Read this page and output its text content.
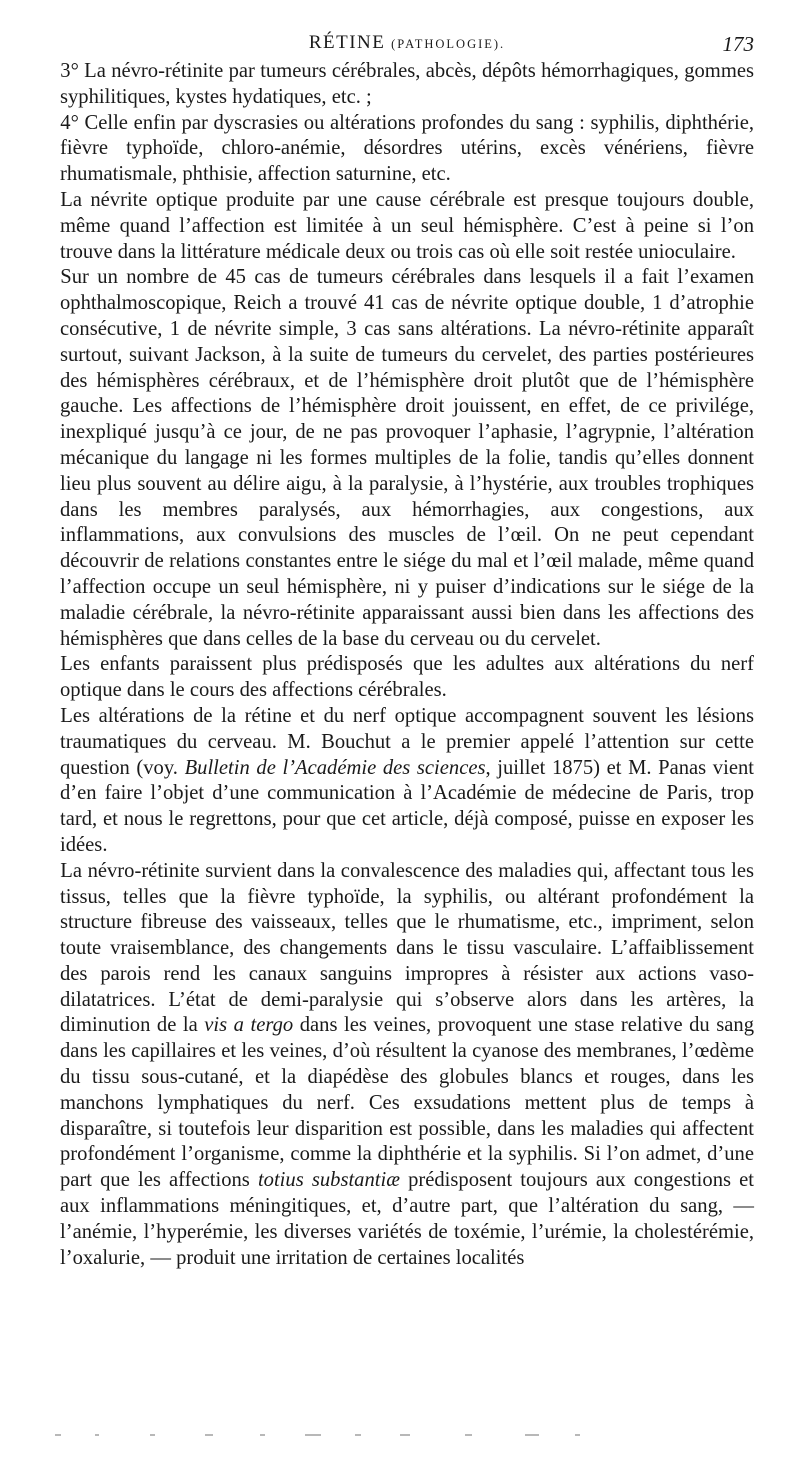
RÉTINE (PATHOLOGIE).	173

3° La névro-rétinite par tumeurs cérébrales, abcès, dépôts hémorrhagiques, gommes syphilitiques, kystes hydatiques, etc. ;

4° Celle enfin par dyscrasies ou altérations profondes du sang : syphilis, diphthérie, fièvre typhoïde, chloro-anémie, désordres utérins, excès vénériens, fièvre rhumatismale, phthisie, affection saturnine, etc.

La névrite optique produite par une cause cérébrale est presque toujours double, même quand l’affection est limitée à un seul hémisphère. C’est à peine si l’on trouve dans la littérature médicale deux ou trois cas où elle soit restée unioculaire.

Sur un nombre de 45 cas de tumeurs cérébrales dans lesquels il a fait l’examen ophthalmoscopique, Reich a trouvé 41 cas de névrite optique double, 1 d’atrophie consécutive, 1 de névrite simple, 3 cas sans altérations. La névro-rétinite apparaît surtout, suivant Jackson, à la suite de tumeurs du cervelet, des parties postérieures des hémisphères cérébraux, et de l’hémisphère droit plutôt que de l’hémisphère gauche. Les affections de l’hémisphère droit jouissent, en effet, de ce privilége, inexpliqué jusqu’à ce jour, de ne pas provoquer l’aphasie, l’agrypnie, l’altération mécanique du langage ni les formes multiples de la folie, tandis qu’elles donnent lieu plus souvent au délire aigu, à la paralysie, à l’hystérie, aux troubles trophiques dans les membres paralysés, aux hémorrhagies, aux congestions, aux inflammations, aux convulsions des muscles de l’œil. On ne peut cependant découvrir de relations constantes entre le siége du mal et l’œil malade, même quand l’affection occupe un seul hémisphère, ni y puiser d’indications sur le siége de la maladie cérébrale, la névro-rétinite apparaissant aussi bien dans les affections des hémisphères que dans celles de la base du cerveau ou du cervelet.

Les enfants paraissent plus prédisposés que les adultes aux altérations du nerf optique dans le cours des affections cérébrales.

Les altérations de la rétine et du nerf optique accompagnent souvent les lésions traumatiques du cerveau. M. Bouchut a le premier appelé l’attention sur cette question (voy. Bulletin de l’Académie des sciences, juillet 1875) et M. Panas vient d’en faire l’objet d’une communication à l’Académie de médecine de Paris, trop tard, et nous le regrettons, pour que cet article, déjà composé, puisse en exposer les idées.

La névro-rétinite survient dans la convalescence des maladies qui, affectant tous les tissus, telles que la fièvre typhoïde, la syphilis, ou altérant profondément la structure fibreuse des vaisseaux, telles que le rhumatisme, etc., impriment, selon toute vraisemblance, des changements dans le tissu vasculaire. L’affaiblissement des parois rend les canaux sanguins impropres à résister aux actions vaso-dilatatrices. L’état de demi-paralysie qui s’observe alors dans les artères, la diminution de la vis a tergo dans les veines, provoquent une stase relative du sang dans les capillaires et les veines, d’où résultent la cyanose des membranes, l’œdème du tissu sous-cutané, et la diapédèse des globules blancs et rouges, dans les manchons lymphatiques du nerf. Ces exsudations mettent plus de temps à disparaître, si toutefois leur disparition est possible, dans les maladies qui affectent profondément l’organisme, comme la diphthérie et la syphilis. Si l’on admet, d’une part que les affections totius substantiæ prédisposent toujours aux congestions et aux inflammations méningitiques, et, d’autre part, que l’altération du sang, — l’anémie, l’hyperémie, les diverses variétés de toxémie, l’urémie, la cholestérémie, l’oxalurie, — produit une irritation de certaines localités
